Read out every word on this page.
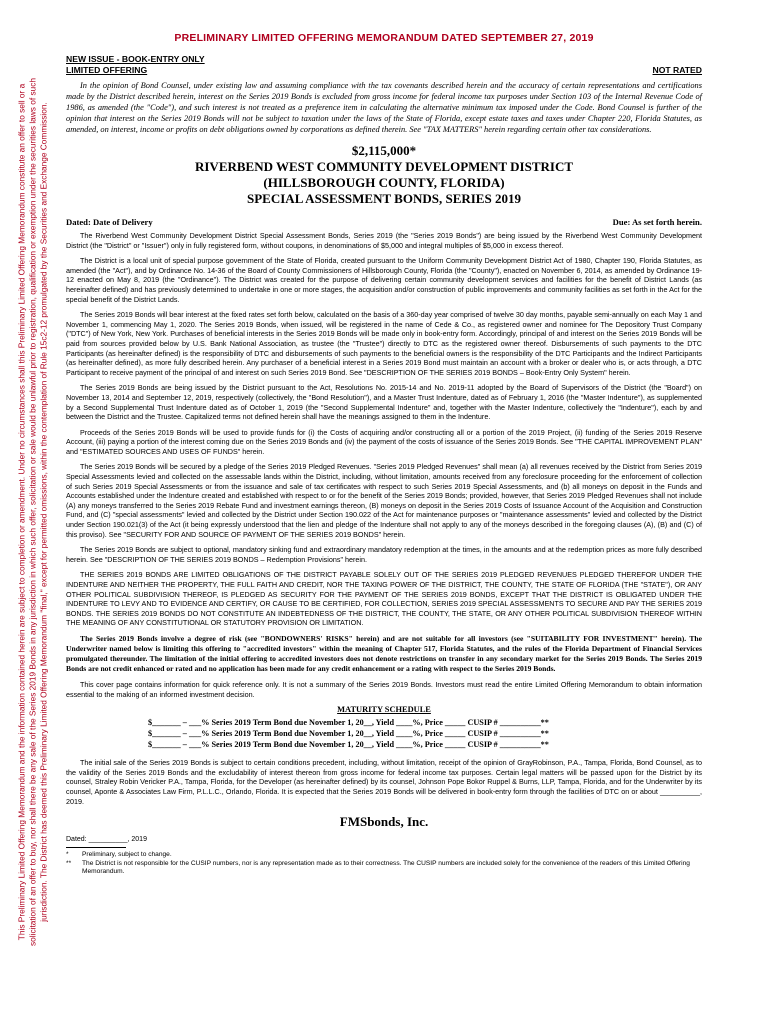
This Preliminary Limited Offering Memorandum and the information contained herein are subject to completion or amendment. Under no circumstances shall this Preliminary Limited Offering Memorandum constitute an offer to sell or a solicitation of an offer to buy, nor shall there be any sale of the Series 2019 Bonds in any jurisdiction in which such offer, solicitation or sale would be unlawful prior to registration, qualification or exemption under the securities laws of such jurisdiction. The District has deemed this Preliminary Limited Offering Memorandum "final," except for permitted omissions, within the contemplation of Rule 15c2-12 promulgated by the Securities and Exchange Commission.
PRELIMINARY LIMITED OFFERING MEMORANDUM DATED SEPTEMBER 27, 2019
NEW ISSUE - BOOK-ENTRY ONLY
LIMITED OFFERING	NOT RATED

In the opinion of Bond Counsel, under existing law and assuming compliance with the tax covenants described herein and the accuracy of certain representations and certifications made by the District described herein, interest on the Series 2019 Bonds is excluded from gross income for federal income tax purposes under Section 103 of the Internal Revenue Code of 1986, as amended (the "Code"), and such interest is not treated as a preference item in calculating the alternative minimum tax imposed under the Code. Bond Counsel is further of the opinion that interest on the Series 2019 Bonds will not be subject to taxation under the laws of the State of Florida, except estate taxes and taxes under Chapter 220, Florida Statutes, as amended, on interest, income or profits on debt obligations owned by corporations as defined therein. See "TAX MATTERS" herein regarding certain other tax considerations.

$2,115,000*
RIVERBEND WEST COMMUNITY DEVELOPMENT DISTRICT
(HILLSBOROUGH COUNTY, FLORIDA)
SPECIAL ASSESSMENT BONDS, SERIES 2019
Dated: Date of Delivery	Due: As set forth herein.

The Riverbend West Community Development District Special Assessment Bonds, Series 2019 (the "Series 2019 Bonds") are being issued by the Riverbend West Community Development District (the "District" or "Issuer") only in fully registered form, without coupons, in denominations of $5,000 and integral multiples of $5,000 in excess thereof.

The District is a local unit of special purpose government of the State of Florida, created pursuant to the Uniform Community Development District Act of 1980, Chapter 190, Florida Statutes, as amended (the "Act"), and by Ordinance No. 14-36 of the Board of County Commissioners of Hillsborough County, Florida (the "County"), enacted on November 6, 2014, as amended by Ordinance 19-12 enacted on May 8, 2019 (the "Ordinance"). The District was created for the purpose of delivering certain community development services and facilities for the benefit of District Lands (as hereinafter defined) and has previously determined to undertake in one or more stages, the acquisition and/or construction of public improvements and community facilities as set forth in the Act for the special benefit of the District Lands.

The Series 2019 Bonds will bear interest at the fixed rates set forth below, calculated on the basis of a 360-day year comprised of twelve 30 day months, payable semi-annually on each May 1 and November 1, commencing May 1, 2020. The Series 2019 Bonds, when issued, will be registered in the name of Cede & Co., as registered owner and nominee for The Depository Trust Company ("DTC") of New York, New York. Purchases of beneficial interests in the Series 2019 Bonds will be made only in book-entry form. Accordingly, principal of and interest on the Series 2019 Bonds will be paid from sources provided below by U.S. Bank National Association, as trustee (the "Trustee") directly to DTC as the registered owner thereof. Disbursements of such payments to the DTC Participants (as hereinafter defined) is the responsibility of DTC and disbursements of such payments to the beneficial owners is the responsibility of the DTC Participants and the Indirect Participants (as hereinafter defined), as more fully described herein. Any purchaser of a beneficial interest in a Series 2019 Bond must maintain an account with a broker or dealer who is, or acts through, a DTC Participant to receive payment of the principal of and interest on such Series 2019 Bond. See "DESCRIPTION OF THE SERIES 2019 BONDS – Book-Entry Only System" herein.

The Series 2019 Bonds are being issued by the District pursuant to the Act, Resolutions No. 2015-14 and No. 2019-11 adopted by the Board of Supervisors of the District (the "Board") on November 13, 2014 and September 12, 2019, respectively (collectively, the "Bond Resolution"), and a Master Trust Indenture, dated as of February 1, 2016 (the "Master Indenture"), as supplemented by a Second Supplemental Trust Indenture dated as of October 1, 2019 (the "Second Supplemental Indenture" and, together with the Master Indenture, collectively the "Indenture"), each by and between the District and the Trustee. Capitalized terms not defined herein shall have the meanings assigned to them in the Indenture.

Proceeds of the Series 2019 Bonds will be used to provide funds for (i) the Costs of acquiring and/or constructing all or a portion of the 2019 Project, (ii) funding of the Series 2019 Reserve Account, (iii) paying a portion of the interest coming due on the Series 2019 Bonds and (iv) the payment of the costs of issuance of the Series 2019 Bonds. See "THE CAPITAL IMPROVEMENT PLAN" and "ESTIMATED SOURCES AND USES OF FUNDS" herein.

The Series 2019 Bonds will be secured by a pledge of the Series 2019 Pledged Revenues. "Series 2019 Pledged Revenues" shall mean (a) all revenues received by the District from Series 2019 Special Assessments levied and collected on the assessable lands within the District, including, without limitation, amounts received from any foreclosure proceeding for the enforcement of collection of such Series 2019 Special Assessments or from the issuance and sale of tax certificates with respect to such Series 2019 Special Assessments, and (b) all moneys on deposit in the Funds and Accounts established under the Indenture created and established with respect to or for the benefit of the Series 2019 Bonds; provided, however, that Series 2019 Pledged Revenues shall not include (A) any moneys transferred to the Series 2019 Rebate Fund and investment earnings thereon, (B) moneys on deposit in the Series 2019 Costs of Issuance Account of the Acquisition and Construction Fund, and (C) "special assessments" levied and collected by the District under Section 190.022 of the Act for maintenance purposes or "maintenance assessments" levied and collected by the District under Section 190.021(3) of the Act (it being expressly understood that the lien and pledge of the Indenture shall not apply to any of the moneys described in the foregoing clauses (A), (B) and (C) of this proviso). See "SECURITY FOR AND SOURCE OF PAYMENT OF THE SERIES 2019 BONDS" herein.

The Series 2019 Bonds are subject to optional, mandatory sinking fund and extraordinary mandatory redemption at the times, in the amounts and at the redemption prices as more fully described herein. See "DESCRIPTION OF THE SERIES 2019 BONDS – Redemption Provisions" herein.

THE SERIES 2019 BONDS ARE LIMITED OBLIGATIONS OF THE DISTRICT PAYABLE SOLELY OUT OF THE SERIES 2019 PLEDGED REVENUES PLEDGED THEREFOR UNDER THE INDENTURE AND NEITHER THE PROPERTY, THE FULL FAITH AND CREDIT, NOR THE TAXING POWER OF THE DISTRICT, THE COUNTY, THE STATE OF FLORIDA (THE "STATE"), OR ANY OTHER POLITICAL SUBDIVISION THEREOF, IS PLEDGED AS SECURITY FOR THE PAYMENT OF THE SERIES 2019 BONDS, EXCEPT THAT THE DISTRICT IS OBLIGATED UNDER THE INDENTURE TO LEVY AND TO EVIDENCE AND CERTIFY, OR CAUSE TO BE CERTIFIED, FOR COLLECTION, SERIES 2019 SPECIAL ASSESSMENTS TO SECURE AND PAY THE SERIES 2019 BONDS. THE SERIES 2019 BONDS DO NOT CONSTITUTE AN INDEBTEDNESS OF THE DISTRICT, THE COUNTY, THE STATE, OR ANY OTHER POLITICAL SUBDIVISION THEREOF WITHIN THE MEANING OF ANY CONSTITUTIONAL OR STATUTORY PROVISION OR LIMITATION.

The Series 2019 Bonds involve a degree of risk (see "BONDOWNERS' RISKS" herein) and are not suitable for all investors (see "SUITABILITY FOR INVESTMENT" herein). The Underwriter named below is limiting this offering to "accredited investors" within the meaning of Chapter 517, Florida Statutes, and the rules of the Florida Department of Financial Services promulgated thereunder. The limitation of the initial offering to accredited investors does not denote restrictions on transfer in any secondary market for the Series 2019 Bonds. The Series 2019 Bonds are not credit enhanced or rated and no application has been made for any credit enhancement or a rating with respect to the Series 2019 Bonds.

This cover page contains information for quick reference only. It is not a summary of the Series 2019 Bonds. Investors must read the entire Limited Offering Memorandum to obtain information essential to the making of an informed investment decision.

MATURITY SCHEDULE
$_______ – ___% Series 2019 Term Bond due November 1, 20__, Yield ____%, Price _____ CUSIP # __________**
$_______ – ___% Series 2019 Term Bond due November 1, 20__, Yield ____%, Price _____ CUSIP # __________**
$_______ – ___% Series 2019 Term Bond due November 1, 20__, Yield ____%, Price _____ CUSIP # __________**

The initial sale of the Series 2019 Bonds is subject to certain conditions precedent, including, without limitation, receipt of the opinion of GrayRobinson, P.A., Tampa, Florida, Bond Counsel, as to the validity of the Series 2019 Bonds and the excludability of interest thereon from gross income for federal income tax purposes. Certain legal matters will be passed upon for the District by its counsel, Straley Robin Vericker P.A., Tampa, Florida, for the Developer (as hereinafter defined) by its counsel, Johnson Pope Bokor Ruppel & Burns, LLP, Tampa, Florida, and for the Underwriter by its counsel, Aponte & Associates Law Firm, P.L.L.C., Orlando, Florida. It is expected that the Series 2019 Bonds will be delivered in book-entry form through the facilities of DTC on or about __________, 2019.

FMSbonds, Inc.
Dated: __________, 2019
*	Preliminary, subject to change.
**	The District is not responsible for the CUSIP numbers, nor is any representation made as to their correctness. The CUSIP numbers are included solely for the convenience of the readers of this Limited Offering Memorandum.
